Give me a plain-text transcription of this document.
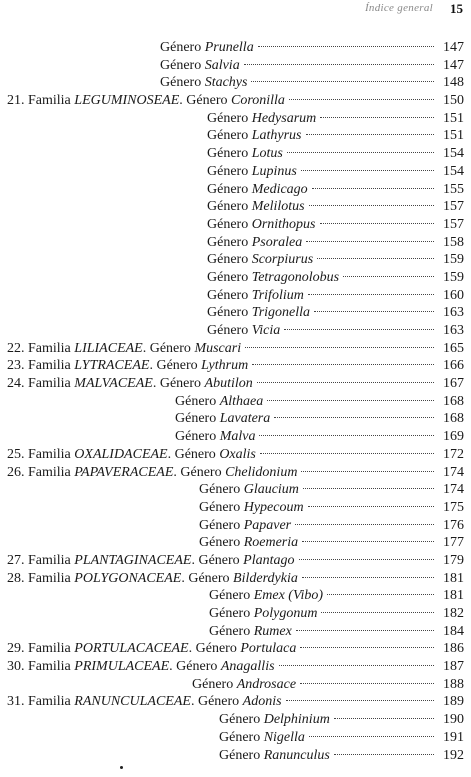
Índice general 15
Género Prunella	147
Género Salvia	147
Género Stachys	148
21. Familia LEGUMINOSEAE. Género Coronilla	150
Género Hedysarum	151
Género Lathyrus	151
Género Lotus	154
Género Lupinus	154
Género Medicago	155
Género Melilotus	157
Género Ornithopus	157
Género Psoralea	158
Género Scorpiurus	159
Género Tetragonolobus	159
Género Trifolium	160
Género Trigonella	163
Género Vicia	163
22. Familia LILIACEAE. Género Muscari	165
23. Familia LYTRACEAE. Género Lythrum	166
24. Familia MALVACEAE. Género Abutilon	167
Género Althaea	168
Género Lavatera	168
Género Malva	169
25. Familia OXALIDACEAE. Género Oxalis	172
26. Familia PAPAVERACEAE. Género Chelidonium	174
Género Glaucium	174
Género Hypecoum	175
Género Papaver	176
Género Roemeria	177
27. Familia PLANTAGINACEAE. Género Plantago	179
28. Familia POLYGONACEAE. Género Bilderdykia	181
Género Emex (Vibo)	181
Género Polygonum	182
Género Rumex	184
29. Familia PORTULACACEAE. Género Portulaca	186
30. Familia PRIMULACEAE. Género Anagallis	187
Género Androsace	188
31. Familia RANUNCULACEAE. Género Adonis	189
Género Delphinium	190
Género Nigella	191
Género Ranunculus	192
